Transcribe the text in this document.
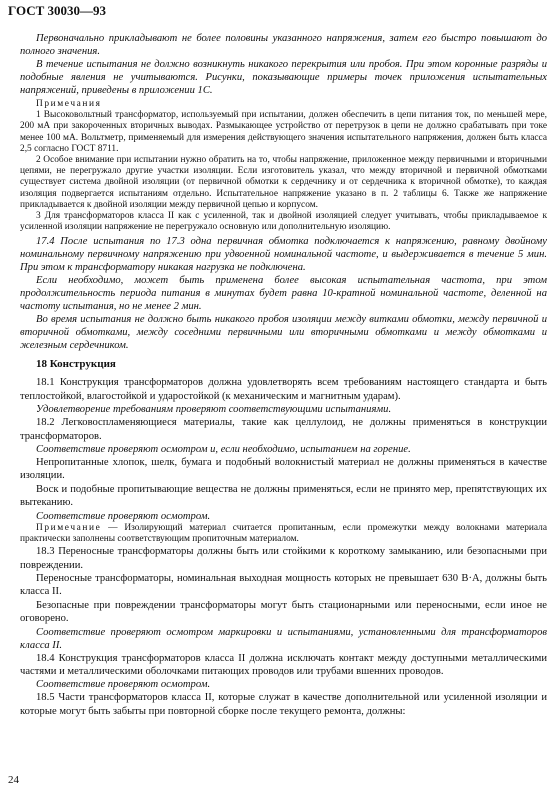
ГОСТ 30030—93

Первоначально прикладывают не более половины указанного напряжения, затем его быстро повышают до полного значения.

В течение испытания не должно возникнуть никакого перекрытия или пробоя. При этом коронные разряды и подобные явления не учитываются. Рисунки, показывающие примеры точек приложения испытательных напряжений, приведены в приложении 1С.

Примечания

1 Высоковольтный трансформатор, используемый при испытании, должен обеспечить в цепи питания ток, по меньшей мере, 200 мА при закороченных вторичных выводах. Размыкающее устройство от перетрузок в цепи не должно срабатывать при токе менее 100 мА. Вольтметр, применяемый для измерения действующего значения испытательного напряжения, должен быть класса 2,5 согласно ГОСТ 8711.

2 Особое внимание при испытании нужно обратить на то, чтобы напряжение, приложенное между первичными и вторичными цепями, не перегружало другие участки изоляции. Если изготовитель указал, что между вторичной и первичной обмотками существует система двойной изоляции (от первичной обмотки к сердечнику и от сердечника к вторичной обмотке), то каждая изоляция подвергается испытаниям отдельно. Испытательное напряжение указано в п. 2 таблицы 6. Также же напряжение прикладывается к двойной изоляции между первичной цепью и корпусом.

3 Для трансформаторов класса II как с усиленной, так и двойной изоляцией следует учитывать, чтобы прикладываемое к усиленной изоляции напряжение не перегружало основную или дополнительную изоляцию.

17.4 После испытания по 17.3 одна первичная обмотка подключается к напряжению, равному двойному номинальному первичному напряжению при удвоенной номинальной частоте, и выдерживается в течение 5 мин. При этом к трансформатору никакая нагрузка не подключена.

Если необходимо, может быть применена более высокая испытательная частота, при этом продолжительность периода питания в минутах будет равна 10-кратной номинальной частоте, деленной на частоту испытания, но не менее 2 мин.

Во время испытания не должно быть никакого пробоя изоляции между витками обмотки, между первичной и вторичной обмотками, между соседними первичными или вторичными обмотками и между обмотками и железным сердечником.

18 Конструкция

18.1 Конструкция трансформаторов должна удовлетворять всем требованиям настоящего стандарта и быть теплостойкой, влагостойкой и ударостойкой (к механическим и магнитным ударам).

Удовлетворение требованиям проверяют соответствующими испытаниями.

18.2 Легковоспламеняющиеся материалы, такие как целлулоид, не должны применяться в конструкции трансформаторов.

Соответствие проверяют осмотром и, если необходимо, испытанием на горение.

Непропитанные хлопок, шелк, бумага и подобный волокнистый материал не должны применяться в качестве изоляции.

Воск и подобные пропитывающие вещества не должны применяться, если не принято мер, препятствующих их вытеканию.

Соответствие проверяют осмотром.

Примечание — Изолирующий материал считается пропитанным, если промежутки между волокнами материала практически заполнены соответствующим пропиточным материалом.

18.3 Переносные трансформаторы должны быть или стойкими к короткому замыканию, или безопасными при повреждении.

Переносные трансформаторы, номинальная выходная мощность которых не превышает 630 В·А, должны быть класса II.

Безопасные при повреждении трансформаторы могут быть стационарными или переносными, если иное не оговорено.

Соответствие проверяют осмотром маркировки и испытаниями, установленными для трансформаторов класса II.

18.4 Конструкция трансформаторов класса II должна исключать контакт между доступными металлическими частями и металлическими оболочками питающих проводов или трубами вшенних проводов.

Соответствие проверяют осмотром.

18.5 Части трансформаторов класса II, которые служат в качестве дополнительной или усиленной изоляции и которые могут быть забыты при повторной сборке после текущего ремонта, должны:

24
